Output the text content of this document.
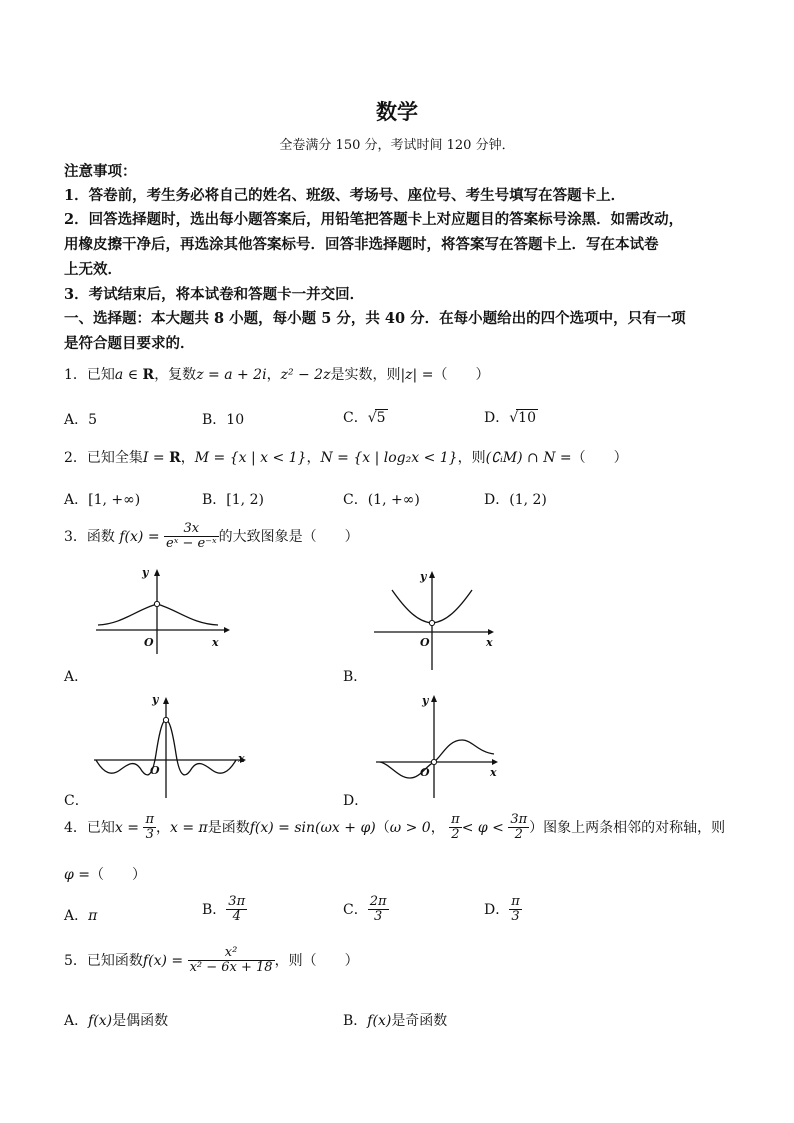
数学
全卷满分 150 分，考试时间 120 分钟．
注意事项：
1．答卷前，考生务必将自己的姓名、班级、考场号、座位号、考生号填写在答题卡上．
2．回答选择题时，选出每小题答案后，用铅笔把答题卡上对应题目的答案标号涂黑．如需改动，
用橡皮擦干净后，再选涂其他答案标号．回答非选择题时，将答案写在答题卡上．写在本试卷
上无效．
3．考试结束后，将本试卷和答题卡一并交回．
一、选择题：本大题共 8 小题，每小题 5 分，共 40 分．在每小题给出的四个选项中，只有一项
是符合题目要求的．
1．已知a ∈ R，复数z = a + 2i，z² − 2z是实数，则|z| =（　　）
A．5	B．10	C．√5	D．√10
2．已知全集I = R，M = {x | x < 1}，N = {x | log₂x < 1}，则(∁ᵢM) ∩ N =（　　）
A．[1, +∞)	B．[1, 2)	C．(1, +∞)	D．(1, 2)
3．函数 $f(x) = \frac{3x}{\text{eˣ − e⁻ˣ}}$ 的大致图象是（　　）
y
O	x
A．
y
O	x
B．
y
O
x
C．
y
O	x
D．
4．已知$x = \frac{\pi}{3}$ ，x = π是函数f(x) = sin(ωx + φ)（ω > 0， $\frac{\pi}{2} < \varphi < \frac{3\pi}{2}$ ）图象上两条相邻的对称轴，则
φ =（　　）
A．π	B． $\frac{3\pi}{4}$	C． $\frac{2\pi}{3}$	D． $\frac{\pi}{3}$
5．已知函数$f(x) = \frac{\text{x²}}{\text{x² − 6x + 18}}$ ，则（　　）
A．f(x)是偶函数	B．f(x)是奇函数
